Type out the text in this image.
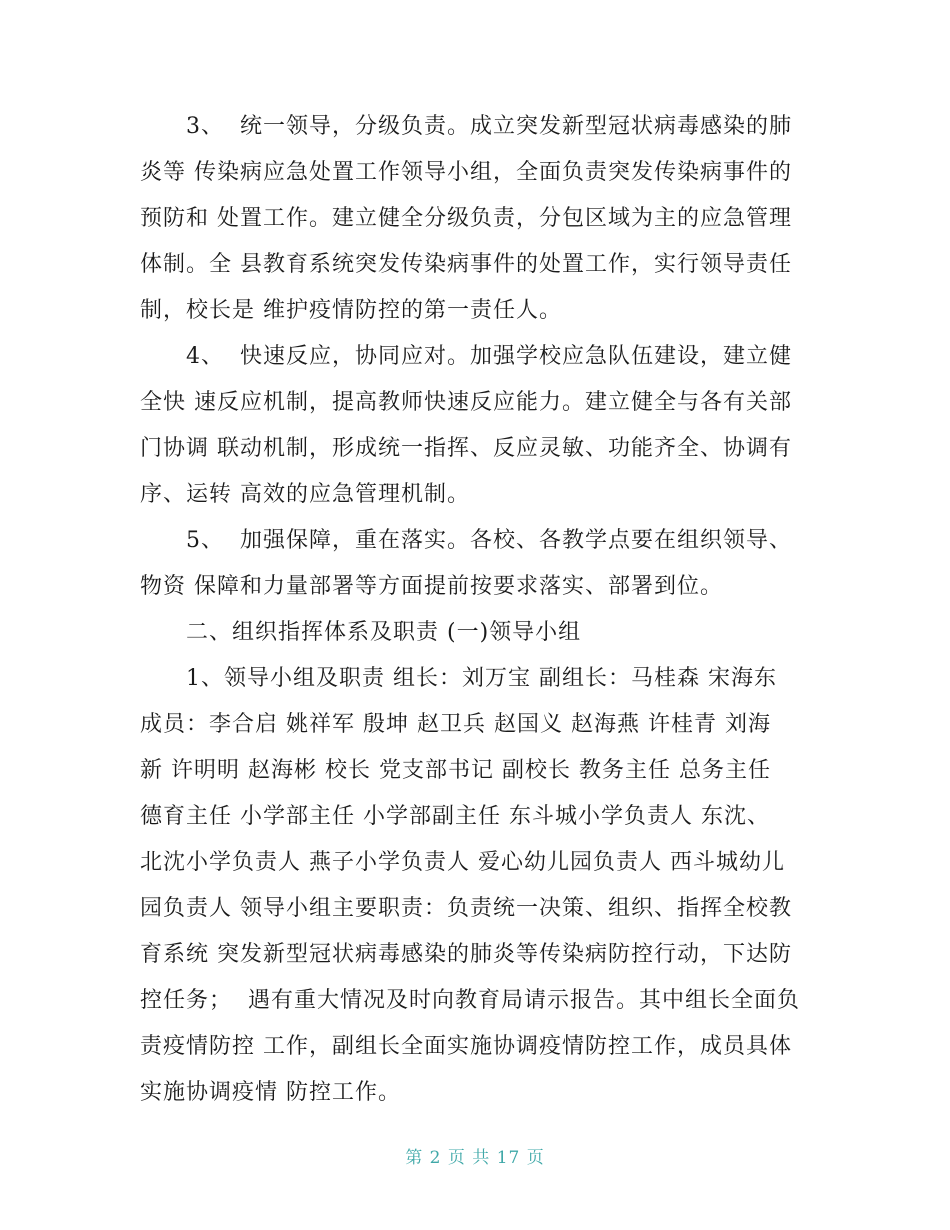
3、  统一领导，分级负责。成立突发新型冠状病毒感染的肺
炎等 传染病应急处置工作领导小组，全面负责突发传染病事件的
预防和 处置工作。建立健全分级负责，分包区域为主的应急管理
体制。全 县教育系统突发传染病事件的处置工作，实行领导责任
制，校长是 维护疫情防控的第一责任人。

4、  快速反应，协同应对。加强学校应急队伍建设，建立健
全快 速反应机制，提高教师快速反应能力。建立健全与各有关部
门协调 联动机制，形成统一指挥、反应灵敏、功能齐全、协调有
序、运转 高效的应急管理机制。

5、  加强保障，重在落实。各校、各教学点要在组织领导、
物资 保障和力量部署等方面提前按要求落实、部署到位。

二、组织指挥体系及职责 (一)领导小组

1、领导小组及职责 组长：刘万宝 副组长：马桂森 宋海东
成员：李合启 姚祥军 殷坤 赵卫兵 赵国义 赵海燕 许桂青 刘海
新 许明明 赵海彬 校长 党支部书记 副校长 教务主任 总务主任
德育主任 小学部主任 小学部副主任 东斗城小学负责人 东沈、
北沈小学负责人 燕子小学负责人 爱心幼儿园负责人 西斗城幼儿
园负责人 领导小组主要职责：负责统一决策、组织、指挥全校教
育系统 突发新型冠状病毒感染的肺炎等传染病防控行动，下达防
控任务；  遇有重大情况及时向教育局请示报告。其中组长全面负
责疫情防控 工作，副组长全面实施协调疫情防控工作，成员具体
实施协调疫情 防控工作。

第 2 页 共 17 页
